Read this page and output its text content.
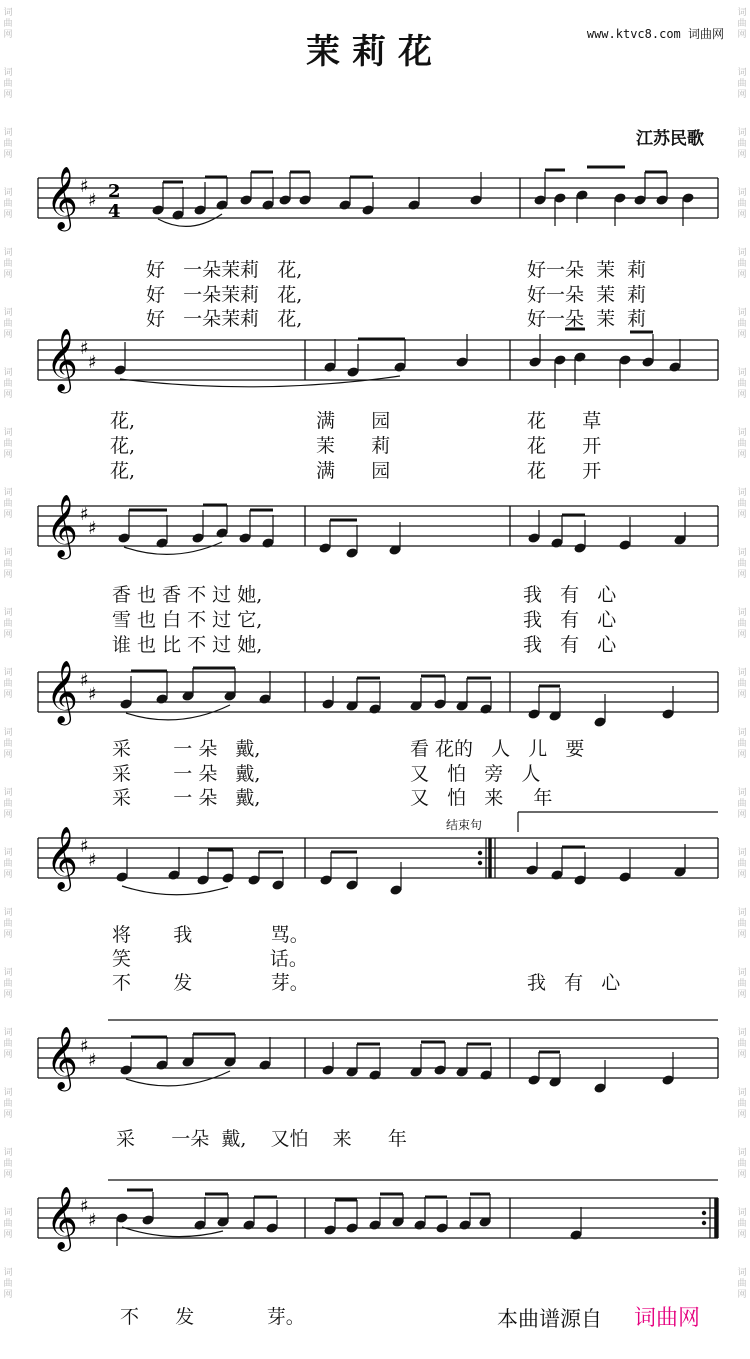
词
曲
网
词
曲
网
词
曲
网
词
曲
网
词
曲
网
词
曲
网
词
曲
网
词
曲
网
词
曲
网
词
曲
网
词
曲
网
词
曲
网
词
曲
网
词
曲
网
词
曲
网
词
曲
网
词
曲
网
词
曲
网
词
曲
网
词
曲
网
词
曲
网
词
曲
网
词
曲
网
词
曲
网
词
曲
网
词
曲
网
词
曲
网
词
曲
网
词
曲
网
词
曲
网
词
曲
网
词
曲
网
词
曲
网
词
曲
网
词
曲
网
词
曲
网
词
曲
网
词
曲
网
词
曲
网
词
曲
网
词
曲
网
词
曲
网
词
曲
网
词
曲
网
茉莉花	www.ktvc8.com 词曲网
江苏民歌
𝄞 ♯
♯ 2
4
𝄞 ♯
♯
𝄞 ♯
♯
𝄞 ♯
♯
𝄞 ♯
♯
𝄞 ♯
♯
𝄞 ♯
♯
结束句
好   一朵茉莉   花,	好一朵  茉  莉
好   一朵茉莉   花,	好一朵  茉  莉
好   一朵茉莉   花,	好一朵  茉  莉
花,	满      园	花      草
花,	茉      莉	花      开
花,	满      园	花      开
香 也 香 不 过 她,	我   有   心
雪 也 白 不 过 它,	我   有   心
谁 也 比 不 过 她,	我   有   心
采       一 朵   戴,	看 花的   人   儿   要
采       一 朵   戴,	又   怕   旁   人
采       一 朵   戴,	又   怕   来     年
将       我             骂。
笑                       话。
不       发             芽。	我   有   心
采      一朵  戴,    又怕    来      年
不      发            芽。	本曲谱源自 词曲网
